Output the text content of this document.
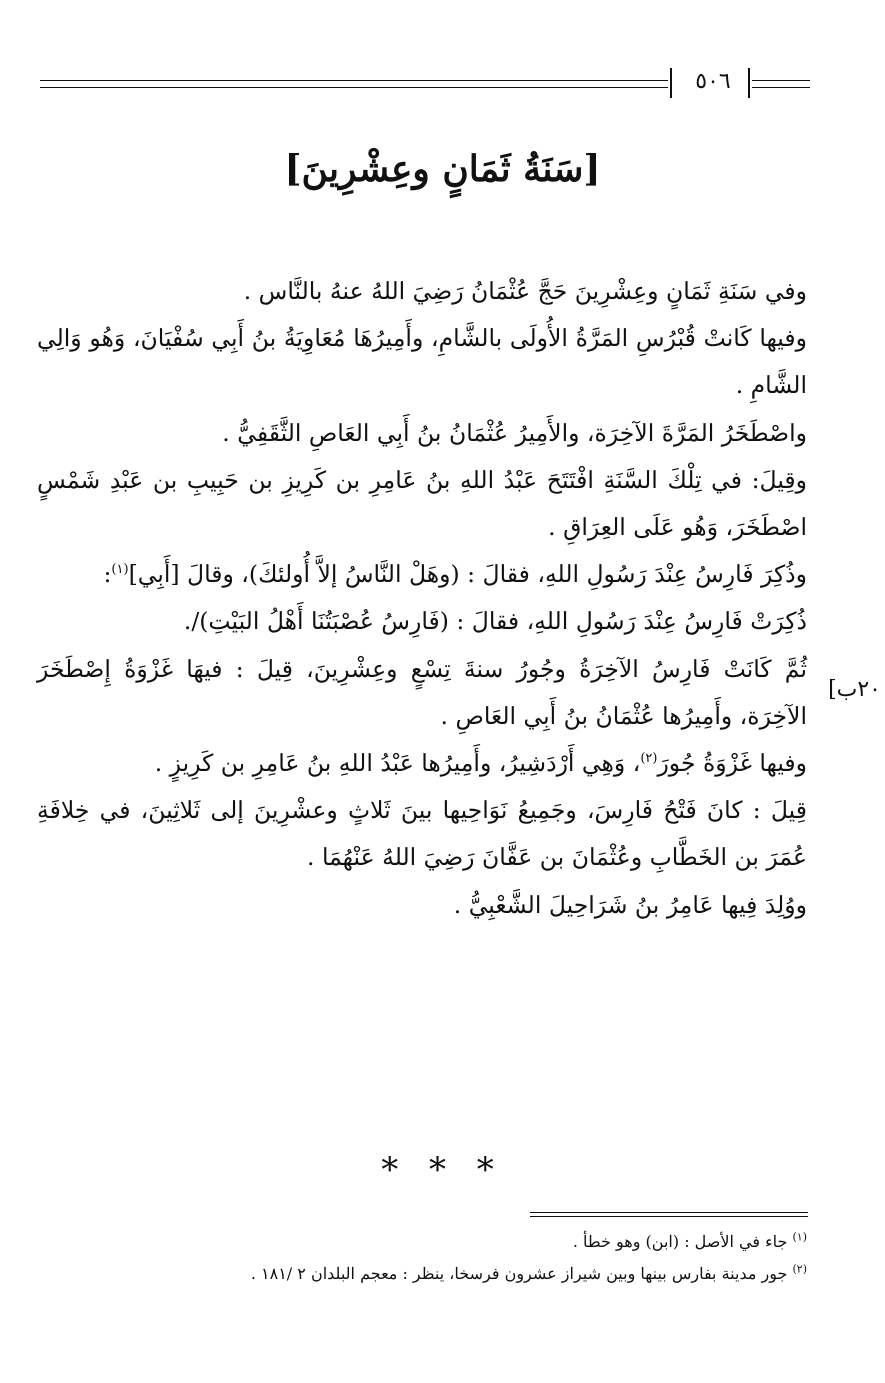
٥٠٦
[سَنَةُ ثَمَانٍ وعِشْرِينَ]

وفي سَنَةِ ثَمَانٍ وعِشْرِينَ حَجَّ عُثْمَانُ رَضِيَ اللهُ عنهُ بالنَّاس .

وفيها كَانتْ قُبْرُسِ المَرَّةُ الأُولَى بالشَّامِ، وأَمِيرُهَا مُعَاوِيَةُ بنُ أَبِي سُفْيَانَ، وَهُو وَالِي الشَّامِ .

واصْطَخَرُ المَرَّةَ الآخِرَة، والأَمِيرُ عُثْمَانُ بنُ أَبِي العَاصِ الثَّقَفِيُّ .

وقِيلَ: في تِلْكَ السَّنَةِ افْتَتَحَ عَبْدُ اللهِ بنُ عَامِرِ بن كَرِيزِ بن حَبِيبِ بن عَبْدِ شَمْسٍ اصْطَخَرَ، وَهُو عَلَى العِرَاقِ .

وذُكِرَ فَارِسُ عِنْدَ رَسُولِ اللهِ، فقالَ : (وهَلْ النَّاسُ إلاَّ أُولئكَ)، وقالَ [أَبِي]$^{(١)}$:

ذُكِرَتْ فَارِسُ عِنْدَ رَسُولِ اللهِ، فقالَ : (فَارِسُ عُصْبَتُنَا أَهْلُ البَيْتِ)/.

ثُمَّ كَانَتْ فَارِسُ الآخِرَةُ وجُورُ سنةَ تِسْعٍ وعِشْرِينَ، قِيلَ : فيهَا غَزْوَةُ إِصْطَخَرَ الآخِرَة، وأَمِيرُها عُثْمَانُ بنُ أَبِي العَاصِ .

وفيها غَزْوَةُ جُورَ$^{(٢)}$، وَهِي أَرْدَشِيرُ، وأَمِيرُها عَبْدُ اللهِ بنُ عَامِرِ بن كَرِيزٍ .

قِيلَ : كانَ فَتْحُ فَارِسَ، وجَمِيعُ نَوَاحِيها بينَ ثَلاثٍ وعشْرِينَ إلى ثَلاثِينَ، في خِلافَةِ عُمَرَ بن الخَطَّابِ وعُثْمَانَ بن عَفَّانَ رَضِيَ اللهُ عَنْهُمَا .

ووُلِدَ فِيها عَامِرُ بنُ شَرَاحِيلَ الشَّعْبِيُّ .

٢٠ب]
* * *

$^{(١)}$ جاء في الأصل : (ابن) وهو خطأ .

$^{(٢)}$ جور مدينة بفارس بينها وبين شيراز عشرون فرسخا، ينظر : معجم البلدان ٢ /١٨١ .
